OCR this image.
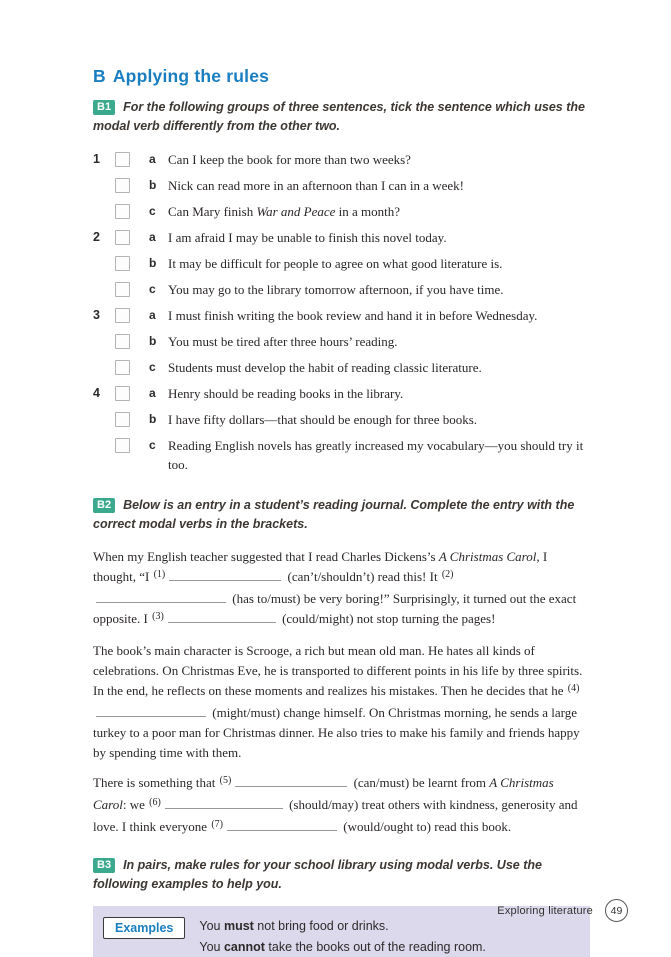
B Applying the rules
B1 For the following groups of three sentences, tick the sentence which uses the modal verb differently from the other two.
1	a Can I keep the book for more than two weeks?
b Nick can read more in an afternoon than I can in a week!
c Can Mary finish War and Peace in a month?
2	a I am afraid I may be unable to finish this novel today.
b It may be difficult for people to agree on what good literature is.
c You may go to the library tomorrow afternoon, if you have time.
3	a I must finish writing the book review and hand it in before Wednesday.
b You must be tired after three hours’ reading.
c Students must develop the habit of reading classic literature.
4	a Henry should be reading books in the library.
b I have fifty dollars—that should be enough for three books.
c Reading English novels has greatly increased my vocabulary—you should try it too.
B2 Below is an entry in a student’s reading journal. Complete the entry with the correct modal verbs in the brackets.

When my English teacher suggested that I read Charles Dickens’s A Christmas Carol, I thought, “I $^{(1)}$	(can’t/shouldn’t) read this! It $^{(2)}$ (has to/must) be very boring!” Surprisingly, it turned out the exact opposite. I $^{(3)}$	(could/might) not stop turning the pages!

The book’s main character is Scrooge, a rich but mean old man. He hates all kinds of celebrations. On Christmas Eve, he is transported to different points in his life by three spirits. In the end, he reflects on these moments and realizes his mistakes. Then he decides that he $^{(4)}$ (might/must) change himself. On Christmas morning, he sends a large turkey to a poor man for Christmas dinner. He also tries to make his family and friends happy by spending time with them.

There is something that $^{(5)}$	(can/must) be learnt from A Christmas Carol: we $^{(6)}$	(should/may) treat others with kindness, generosity and love. I think everyone $^{(7)}$	(would/ought to) read this book.

B3 In pairs, make rules for your school library using modal verbs. Use the following examples to help you.
Examples	You must not bring food or drinks.
You cannot take the books out of the reading room.
Exploring literature	49
